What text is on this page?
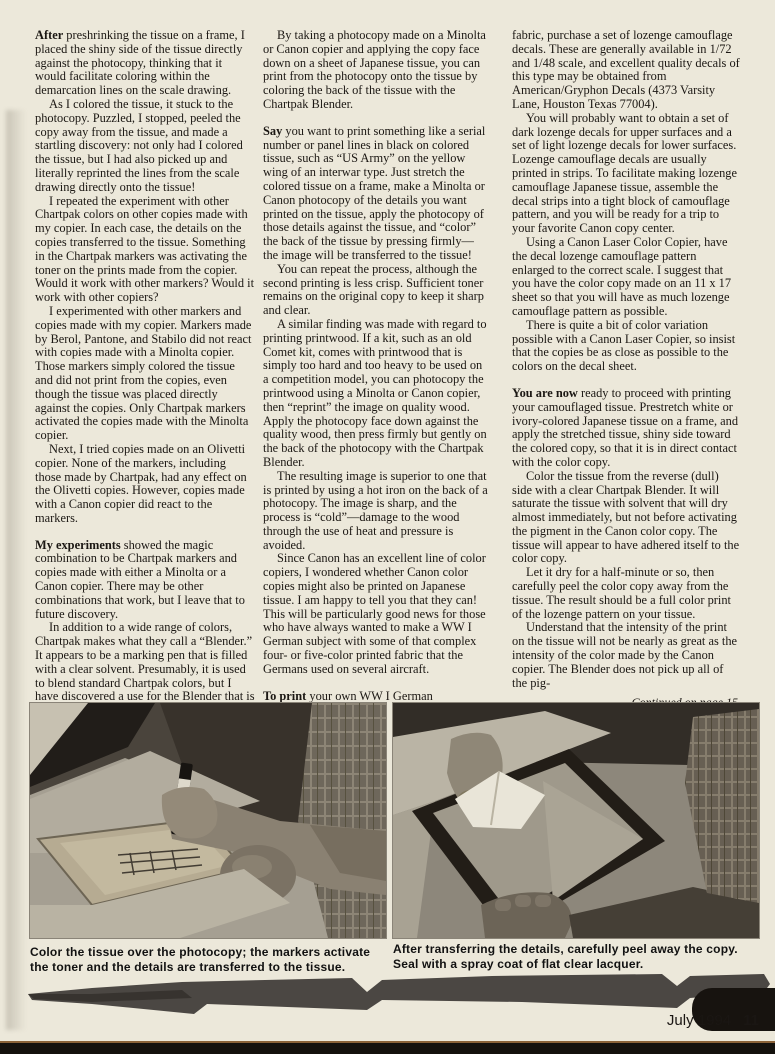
After preshrinking the tissue on a frame, I placed the shiny side of the tissue directly against the photocopy, thinking that it would facilitate coloring within the demarcation lines on the scale drawing.

As I colored the tissue, it stuck to the photocopy. Puzzled, I stopped, peeled the copy away from the tissue, and made a startling discovery: not only had I colored the tissue, but I had also picked up and literally reprinted the lines from the scale drawing directly onto the tissue!

I repeated the experiment with other Chartpak colors on other copies made with my copier. In each case, the details on the copies transferred to the tissue. Something in the Chartpak markers was activating the toner on the prints made from the copier. Would it work with other markers? Would it work with other copiers?

I experimented with other markers and copies made with my copier. Markers made by Berol, Pantone, and Stabilo did not react with copies made with a Minolta copier. Those markers simply colored the tissue and did not print from the copies, even though the tissue was placed directly against the copies. Only Chartpak markers activated the copies made with the Minolta copier.

Next, I tried copies made on an Olivetti copier. None of the markers, including those made by Chartpak, had any effect on the Olivetti copies. However, copies made with a Canon copier did react to the markers.

My experiments showed the magic combination to be Chartpak markers and copies made with either a Minolta or a Canon copier. There may be other combinations that work, but I leave that to future discovery.

In addition to a wide range of colors, Chartpak makes what they call a “Blender.” It appears to be a marking pen that is filled with a clear solvent. Presumably, it is used to blend standard Chartpak colors, but I have discovered a use for the Blender that is

By taking a photocopy made on a Minolta or Canon copier and applying the copy face down on a sheet of Japanese tissue, you can print from the photocopy onto the tissue by coloring the back of the tissue with the Chartpak Blender.

Say you want to print something like a serial number or panel lines in black on colored tissue, such as “US Army” on the yellow wing of an interwar type. Just stretch the colored tissue on a frame, make a Minolta or Canon photocopy of the details you want printed on the tissue, apply the photocopy of those details against the tissue, and “color” the back of the tissue by pressing firmly—the image will be transferred to the tissue!

You can repeat the process, although the second printing is less crisp. Sufficient toner remains on the original copy to keep it sharp and clear.

A similar finding was made with regard to printing printwood. If a kit, such as an old Comet kit, comes with printwood that is simply too hard and too heavy to be used on a competition model, you can photocopy the printwood using a Minolta or Canon copier, then “reprint” the image on quality wood. Apply the photocopy face down against the quality wood, then press firmly but gently on the back of the photocopy with the Chartpak Blender.

The resulting image is superior to one that is printed by using a hot iron on the back of a photocopy. The image is sharp, and the process is “cold”—damage to the wood through the use of heat and pressure is avoided.

Since Canon has an excellent line of color copiers, I wondered whether Canon color copies might also be printed on Japanese tissue. I am happy to tell you that they can! This will be particularly good news for those who have always wanted to make a WW I German subject with some of that complex four- or five-color printed fabric that the Germans used on several aircraft.

To print your own WW I German

fabric, purchase a set of lozenge camouflage decals. These are generally available in 1/72 and 1/48 scale, and excellent quality decals of this type may be obtained from American/Gryphon Decals (4373 Varsity Lane, Houston Texas 77004).

You will probably want to obtain a set of dark lozenge decals for upper surfaces and a set of light lozenge decals for lower surfaces. Lozenge camouflage decals are usually printed in strips. To facilitate making lozenge camouflage Japanese tissue, assemble the decal strips into a tight block of camouflage pattern, and you will be ready for a trip to your favorite Canon copy center.

Using a Canon Laser Color Copier, have the decal lozenge camouflage pattern enlarged to the correct scale. I suggest that you have the color copy made on an 11 x 17 sheet so that you will have as much lozenge camouflage pattern as possible.

There is quite a bit of color variation possible with a Canon Laser Copier, so insist that the copies be as close as possible to the colors on the decal sheet.

You are now ready to proceed with printing your camouflaged tissue. Prestretch white or ivory-colored Japanese tissue on a frame, and apply the stretched tissue, shiny side toward the colored copy, so that it is in direct contact with the color copy.

Color the tissue from the reverse (dull) side with a clear Chartpak Blender. It will saturate the tissue with solvent that will dry almost immediately, but not before activating the pigment in the Canon color copy. The tissue will appear to have adhered itself to the color copy.

Let it dry for a half-minute or so, then carefully peel the color copy away from the tissue. The result should be a full color print of the lozenge pattern on your tissue.

Understand that the intensity of the print on the tissue will not be nearly as great as the intensity of the color made by the Canon copier. The Blender does not pick up all of the pig-

Color the tissue over the photocopy; the markers activate the toner and the details are transferred to the tissue.
After transferring the details, carefully peel away the copy. Seal with a spray coat of flat clear lacquer.
July 1994 11
